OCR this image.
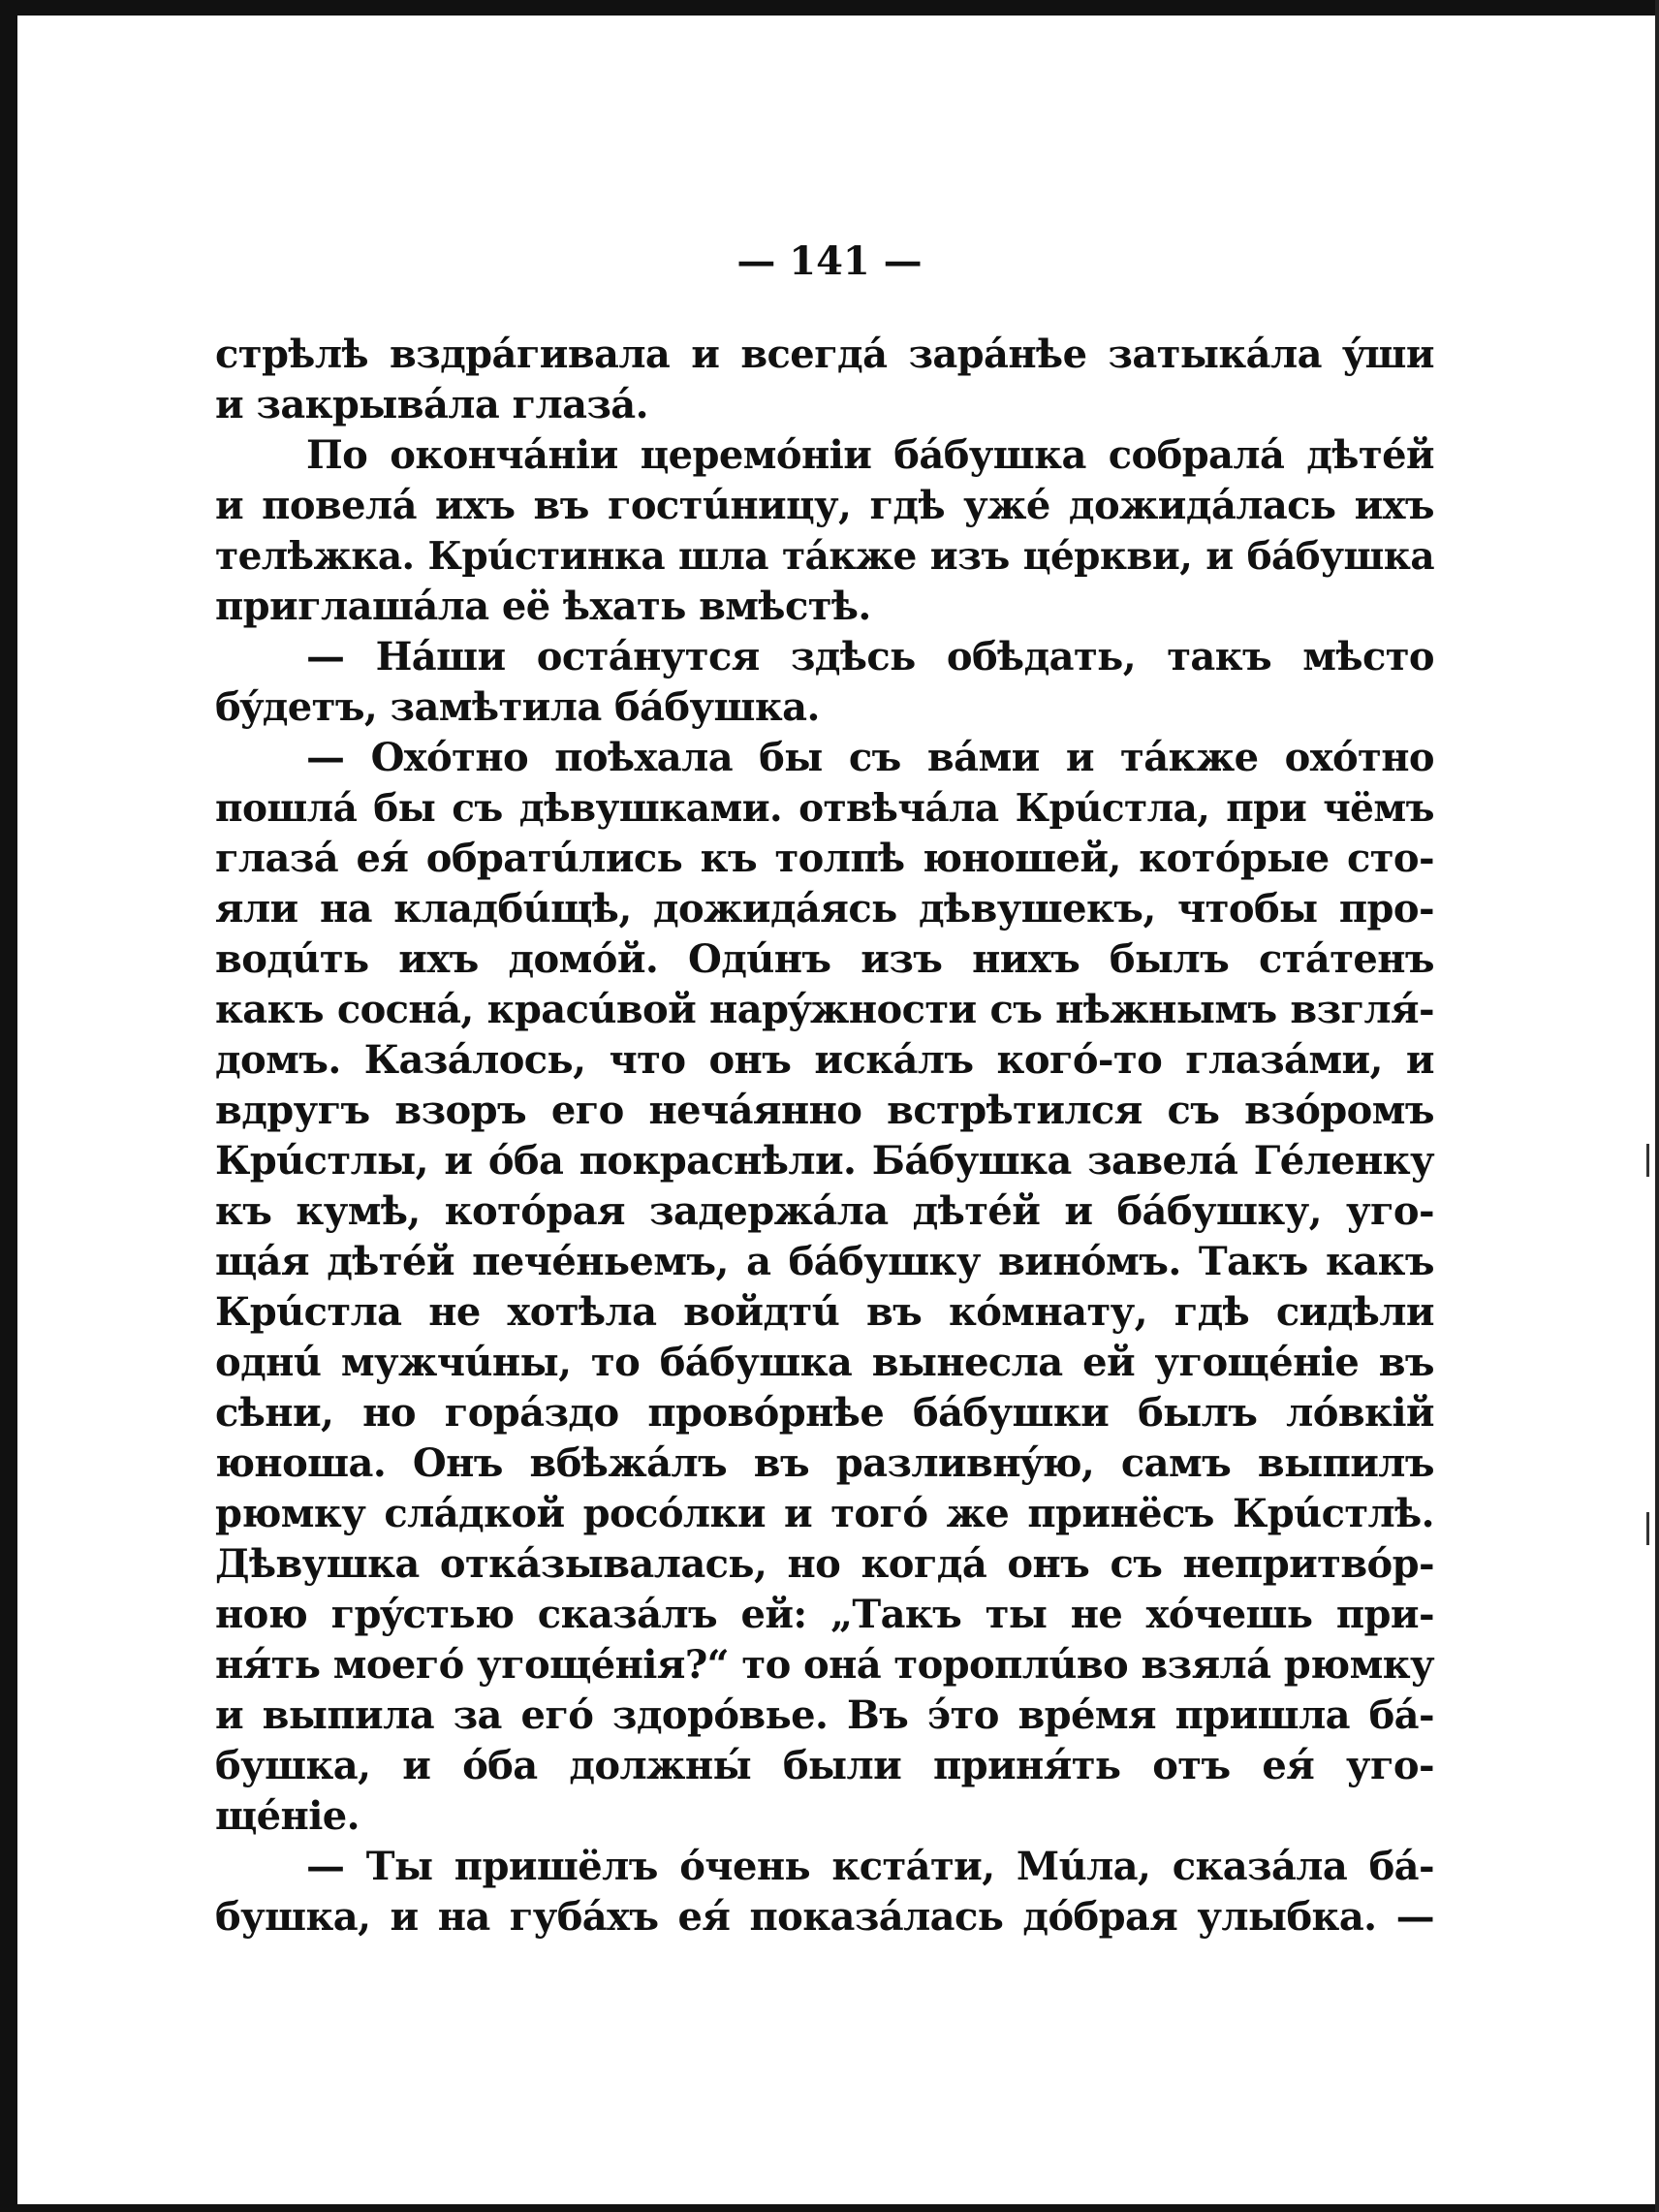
— 141 —
стрѣлѣ вздрáгивала и всегдá зарáнѣе затыкáла ýши
и закрывáла глазá.
По окончáніи церемóніи бáбушка собралá дѣтéй
и повелá ихъ въ гостúницу, гдѣ ужé дожидáлась ихъ
телѣжка. Крúстинка шла тáкже изъ цéркви, и бáбушка
приглашáла её ѣхать вмѣстѣ.
— Нáши остáнутся здѣсь обѣдать, такъ мѣсто
бýдетъ, замѣтила бáбушка.
— Охóтно поѣхала бы съ вáми и тáкже охóтно
пошлá бы съ дѣвушками. отвѣчáла Крúстла, при чёмъ
глазá ея́ обратúлись къ толпѣ юношей, котóрые сто-
яли на кладбúщѣ, дожидáясь дѣвушекъ, чтобы про-
водúть ихъ домóй. Одúнъ изъ нихъ былъ стáтенъ
какъ соснá, красúвой нарýжности съ нѣжнымъ взгля́-
домъ. Казáлось, что онъ искáлъ когó-то глазáми, и
вдругъ взоръ его нечáянно встрѣтился съ взóромъ
Крúстлы, и óба покраснѣли. Бáбушка завелá Гéленку
къ кумѣ, котóрая задержáла дѣтéй и бáбушку, уго-
щáя дѣтéй печéньемъ, а бáбушку винóмъ. Такъ какъ
Крúстла не хотѣла войдтú въ кóмнату, гдѣ сидѣли
однú мужчúны, то бáбушка вынесла ей угощéніе въ
сѣни, но горáздо провóрнѣе бáбушки былъ лóвкій
юноша. Онъ вбѣжáлъ въ разливнýю, самъ выпилъ
рюмку слáдкой росóлки и тогó же принёсъ Крúстлѣ.
Дѣвушка откáзывалась, но когдá онъ съ непритвóр-
ною грýстью сказáлъ ей: „Такъ ты не хóчешь при-
ня́ть моегó угощéнія?“ то онá тороплúво взялá рюмку
и выпила за егó здорóвье. Въ э́то врéмя пришла бá-
бушка, и óба должны́ были приня́ть отъ ея́ уго-
щéніе.
— Ты пришёлъ óчень кстáти, Мúла, сказáла бá-
бушка, и на губáхъ ея́ показáлась дóбрая улыбка. —
